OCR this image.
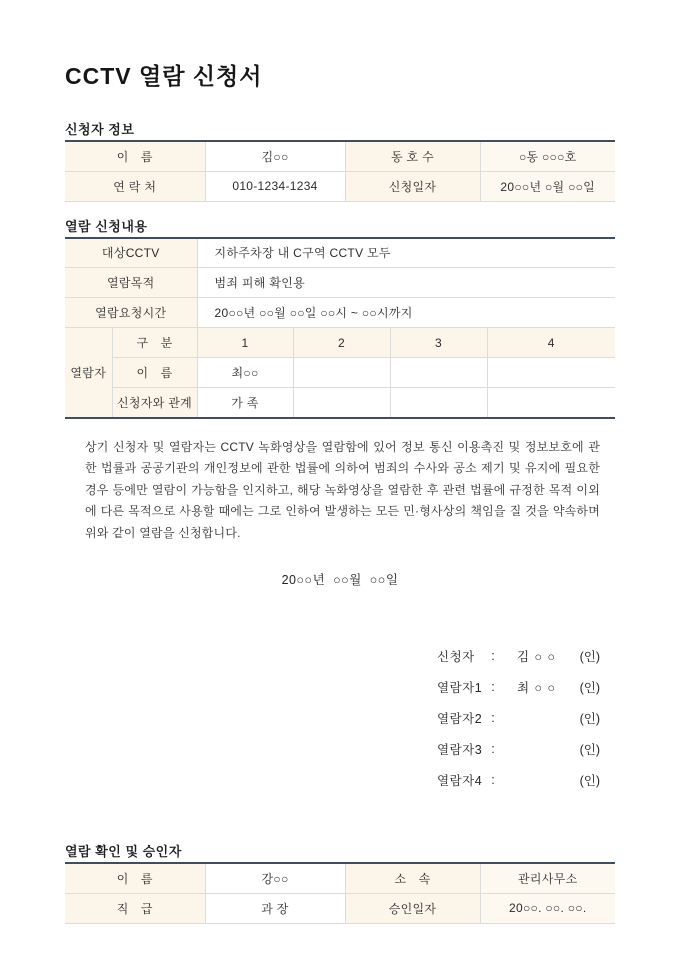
CCTV 열람 신청서
신청자 정보
이　름	김○○	동 호 수	○동 ○○○호
연 락 처	010-1234-1234	신청일자	20○○년 ○월 ○○일
열람 신청내용
대상CCTV		지하주차장 내 C구역 CCTV 모두			
열람목적		범죄 피해 확인용			
열람요청시간		20○○년 ○○월 ○○일 ○○시 ~ ○○시까지			
열람자	구　분	1	2	3	4
	이　름	최○○			
	신청자와 관계	가 족			

상기 신청자 및 열람자는 CCTV 녹화영상을 열람함에 있어 정보 통신 이용촉진 및 정보보호에 관한 법률과 공공기관의 개인정보에 관한 법률에 의하여 범죄의 수사와 공소 제기 및 유지에 필요한 경우 등에만 열람이 가능함을 인지하고, 해당 녹화영상을 열람한 후 관련 법률에 규정한 목적 이외에 다른 목적으로 사용할 때에는 그로 인하여 발생하는 모든 민·형사상의 책임을 질 것을 약속하며 위와 같이 열람을 신청합니다.

20○○년  ○○월  ○○일
신청자	:	김 ○ ○	(인)
열람자1 :	최 ○ ○	(인)
열람자2 :	(인)
열람자3 :	(인)
열람자4 :	(인)
열람 확인 및 승인자
이　름	강○○	소　속	관리사무소
직　급	과 장	승인일자	20○○. ○○. ○○.
